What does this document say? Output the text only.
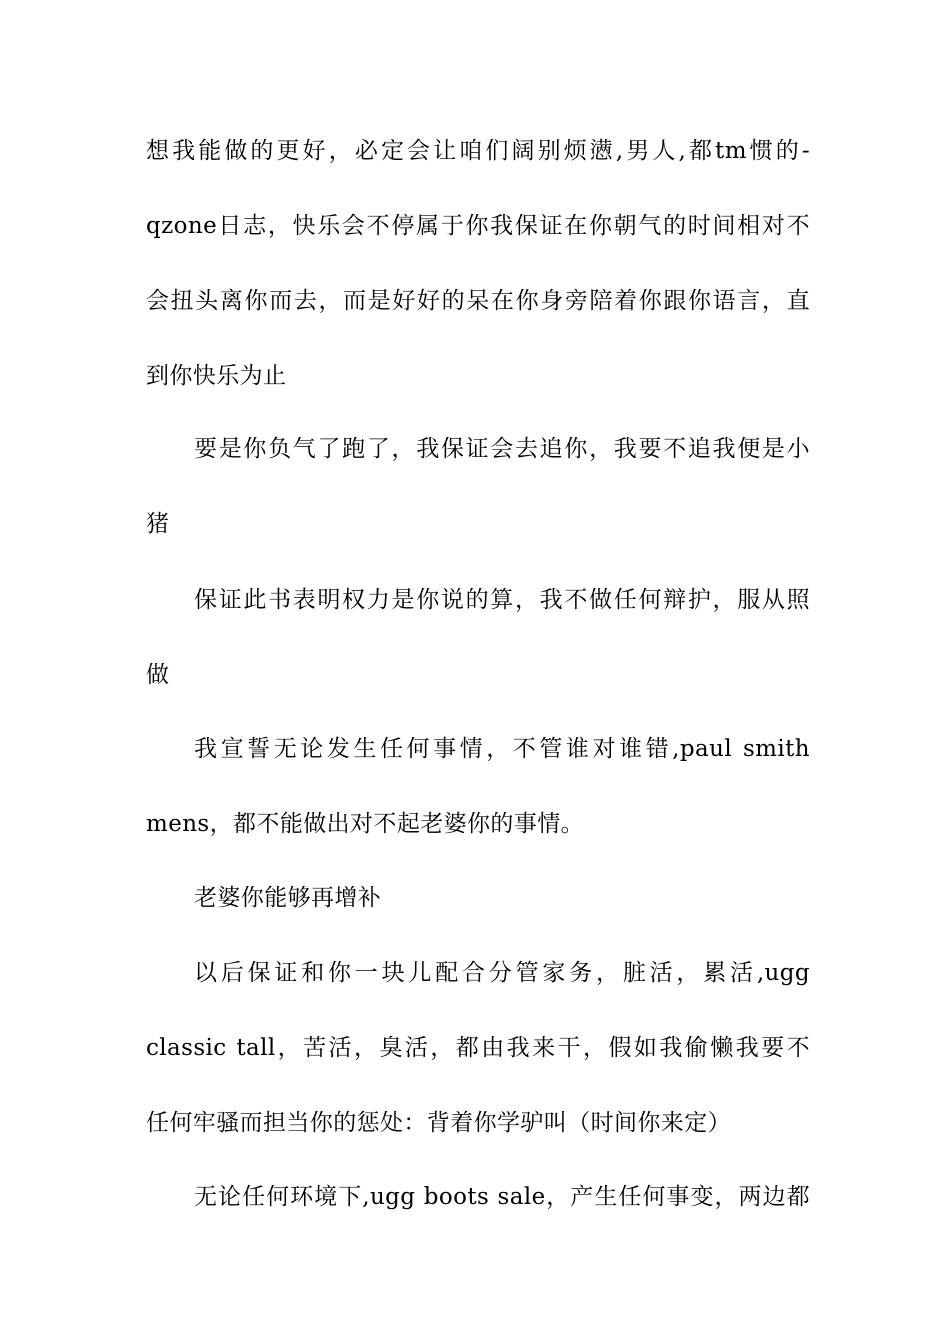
想我能做的更好，必定会让咱们阔别烦懑,男人,都tm惯的-
qzone日志，快乐会不停属于你我保证在你朝气的时间相对不
会扭头离你而去，而是好好的呆在你身旁陪着你跟你语言，直
到你快乐为止
要是你负气了跑了，我保证会去追你，我要不追我便是小
猪
保证此书表明权力是你说的算，我不做任何辩护，服从照
做
我宣誓无论发生任何事情，不管谁对谁错,paul smith
mens，都不能做出对不起老婆你的事情。
老婆你能够再增补
以后保证和你一块儿配合分管家务，脏活，累活,ugg
classic tall，苦活，臭活，都由我来干，假如我偷懒我要不
任何牢骚而担当你的惩处：背着你学驴叫（时间你来定）
无论任何环境下,ugg boots sale，产生任何事变，两边都
